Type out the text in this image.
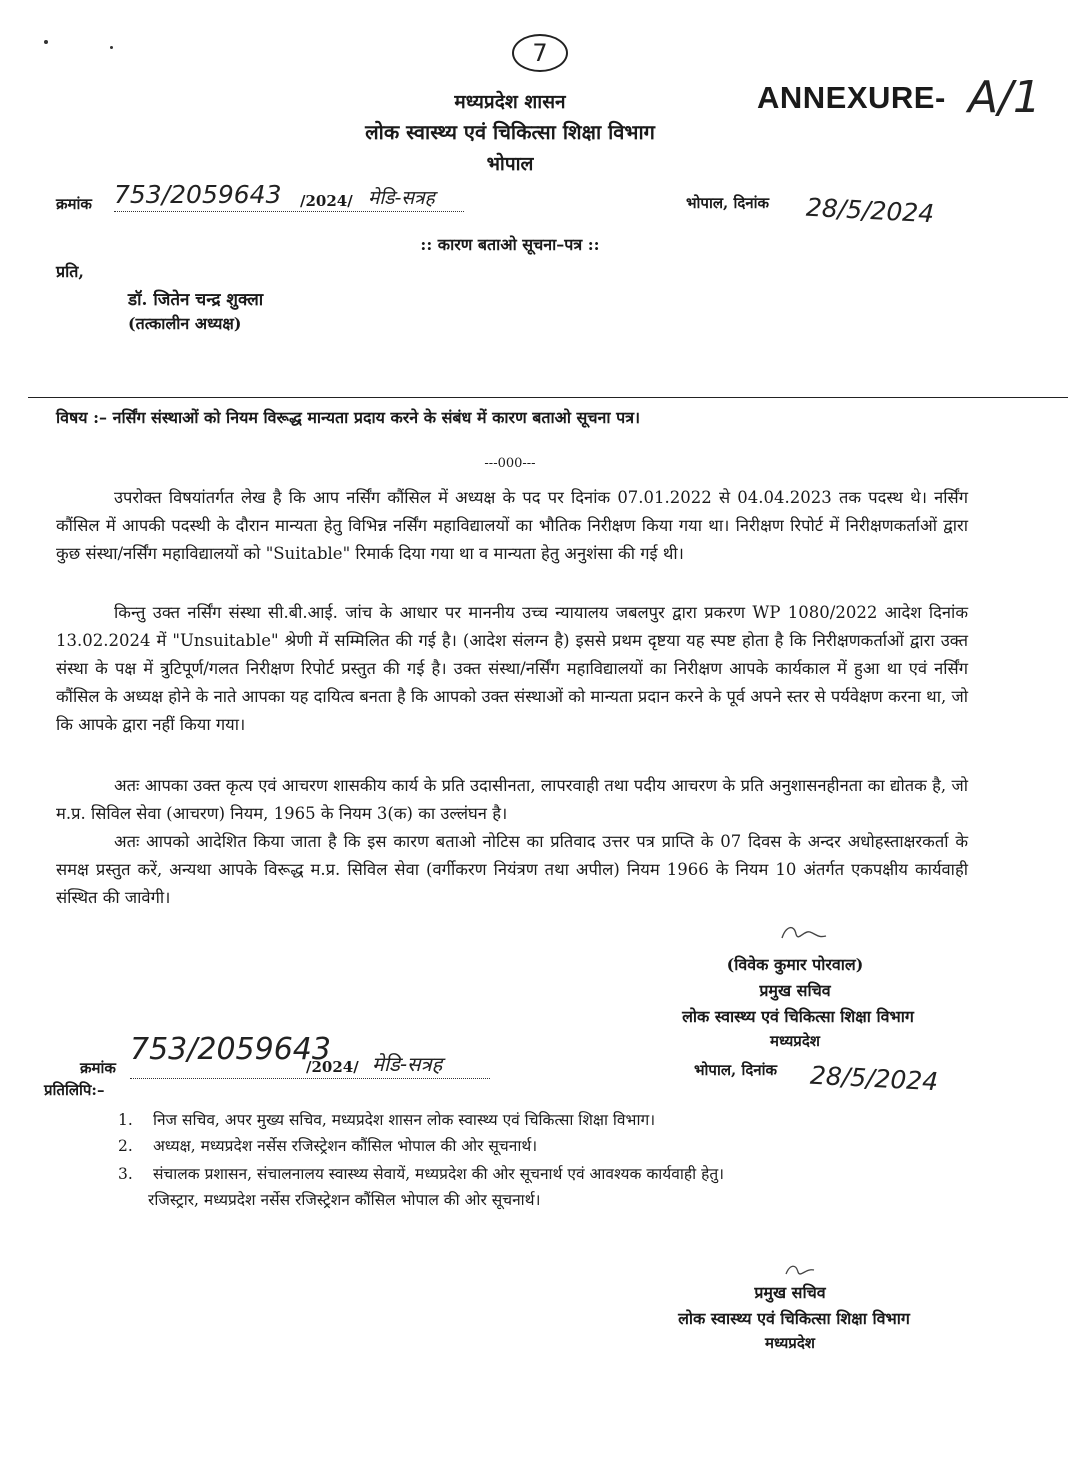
7
ANNEXURE- A/1
मध्यप्रदेश शासन
लोक स्वास्थ्य एवं चिकित्सा शिक्षा विभाग
भोपाल
क्रमांक 753/2059643 /2024/ मेडि-सत्रह	भोपाल, दिनांक 28/5/2024
:: कारण बताओ सूचना–पत्र ::
प्रति,
डॉ. जितेन चन्द्र शुक्ला
(तत्कालीन अध्यक्ष)
विषय :– नर्सिंग संस्थाओं को नियम विरूद्ध मान्यता प्रदाय करने के संबंध में कारण बताओ सूचना पत्र।
---000---
उपरोक्त विषयांतर्गत लेख है कि आप नर्सिंग कौंसिल में अध्यक्ष के पद पर दिनांक 07.01.2022 से 04.04.2023 तक पदस्थ थे। नर्सिंग कौंसिल में आपकी पदस्थी के दौरान मान्यता हेतु विभिन्न नर्सिंग महाविद्यालयों का भौतिक निरीक्षण किया गया था। निरीक्षण रिपोर्ट में निरीक्षणकर्ताओं द्वारा कुछ संस्था/नर्सिंग महाविद्यालयों को "Suitable" रिमार्क दिया गया था व मान्यता हेतु अनुशंसा की गई थी।
किन्तु उक्त नर्सिंग संस्था सी.बी.आई. जांच के आधार पर माननीय उच्च न्यायालय जबलपुर द्वारा प्रकरण WP 1080/2022 आदेश दिनांक 13.02.2024 में "Unsuitable" श्रेणी में सम्मिलित की गई है। (आदेश संलग्न है) इससे प्रथम दृष्टया यह स्पष्ट होता है कि निरीक्षणकर्ताओं द्वारा उक्त संस्था के पक्ष में त्रुटिपूर्ण/गलत निरीक्षण रिपोर्ट प्रस्तुत की गई है। उक्त संस्था/नर्सिंग महाविद्यालयों का निरीक्षण आपके कार्यकाल में हुआ था एवं नर्सिंग कौंसिल के अध्यक्ष होने के नाते आपका यह दायित्व बनता है कि आपको उक्त संस्थाओं को मान्यता प्रदान करने के पूर्व अपने स्तर से पर्यवेक्षण करना था, जो कि आपके द्वारा नहीं किया गया।
अतः आपका उक्त कृत्य एवं आचरण शासकीय कार्य के प्रति उदासीनता, लापरवाही तथा पदीय आचरण के प्रति अनुशासनहीनता का द्योतक है, जो म.प्र. सिविल सेवा (आचरण) नियम, 1965 के नियम 3(क) का उल्लंघन है।
अतः आपको आदेशित किया जाता है कि इस कारण बताओ नोटिस का प्रतिवाद उत्तर पत्र प्राप्ति के 07 दिवस के अन्दर अधोहस्ताक्षरकर्ता के समक्ष प्रस्तुत करें, अन्यथा आपके विरूद्ध म.प्र. सिविल सेवा (वर्गीकरण नियंत्रण तथा अपील) नियम 1966 के नियम 10 अंतर्गत एकपक्षीय कार्यवाही संस्थित की जावेगी।
(विवेक कुमार पोरवाल)
प्रमुख सचिव
लोक स्वास्थ्य एवं चिकित्सा शिक्षा विभाग
मध्यप्रदेश
क्रमांक
753/2059643
/2024/ मेडि-सत्रह	भोपाल, दिनांक 28/5/2024
प्रतिलिपि:–
1. निज सचिव, अपर मुख्य सचिव, मध्यप्रदेश शासन लोक स्वास्थ्य एवं चिकित्सा शिक्षा विभाग।
2. अध्यक्ष, मध्यप्रदेश नर्सेस रजिस्ट्रेशन कौंसिल भोपाल की ओर सूचनार्थ।
3. संचालक प्रशासन, संचालनालय स्वास्थ्य सेवायें, मध्यप्रदेश की ओर सूचनार्थ एवं आवश्यक कार्यवाही हेतु।
रजिस्ट्रार, मध्यप्रदेश नर्सेस रजिस्ट्रेशन कौंसिल भोपाल की ओर सूचनार्थ।
प्रमुख सचिव
लोक स्वास्थ्य एवं चिकित्सा शिक्षा विभाग
मध्यप्रदेश
